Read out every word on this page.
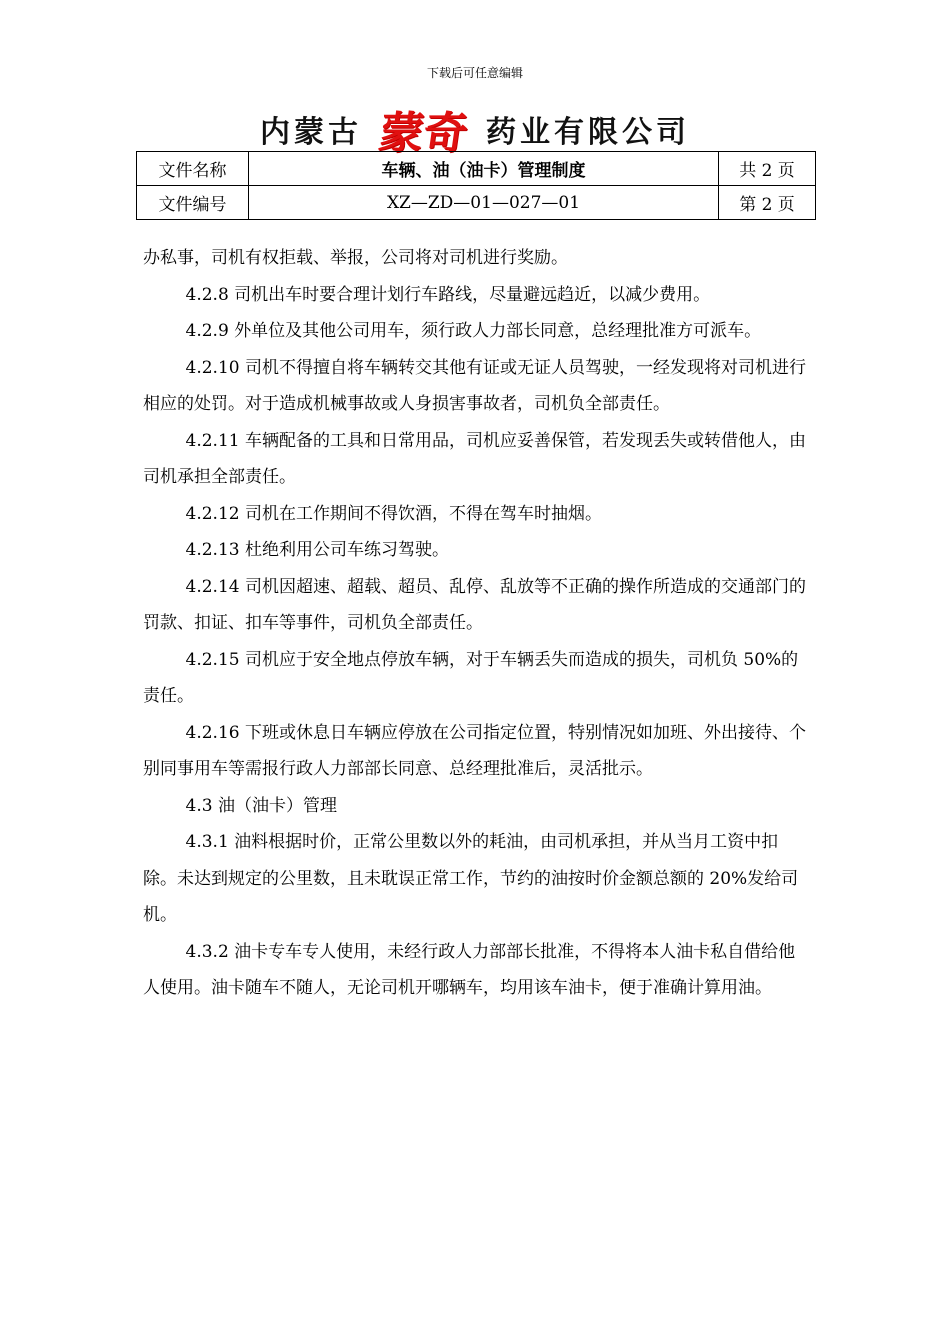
下载后可任意编辑
内蒙古 蒙奇 药业有限公司
文件名称	车辆、油（油卡）管理制度	共 2 页
文件编号	XZ—ZD—01—027—01	第 2 页

办私事，司机有权拒载、举报，公司将对司机进行奖励。

4.2.8 司机出车时要合理计划行车路线，尽量避远趋近，以减少费用。

4.2.9 外单位及其他公司用车，须行政人力部长同意，总经理批准方可派车。

4.2.10 司机不得擅自将车辆转交其他有证或无证人员驾驶，一经发现将对司机进行相应的处罚。对于造成机械事故或人身损害事故者，司机负全部责任。

4.2.11 车辆配备的工具和日常用品，司机应妥善保管，若发现丢失或转借他人，由司机承担全部责任。

4.2.12 司机在工作期间不得饮酒，不得在驾车时抽烟。

4.2.13 杜绝利用公司车练习驾驶。

4.2.14 司机因超速、超载、超员、乱停、乱放等不正确的操作所造成的交通部门的罚款、扣证、扣车等事件，司机负全部责任。

4.2.15 司机应于安全地点停放车辆，对于车辆丢失而造成的损失，司机负 50%的责任。

4.2.16 下班或休息日车辆应停放在公司指定位置，特别情况如加班、外出接待、个别同事用车等需报行政人力部部长同意、总经理批准后，灵活批示。

4.3 油（油卡）管理

4.3.1 油料根据时价，正常公里数以外的耗油，由司机承担，并从当月工资中扣除。未达到规定的公里数，且未耽误正常工作，节约的油按时价金额总额的 20%发给司机。

4.3.2 油卡专车专人使用，未经行政人力部部长批准，不得将本人油卡私自借给他人使用。油卡随车不随人，无论司机开哪辆车，均用该车油卡，便于准确计算用油。
